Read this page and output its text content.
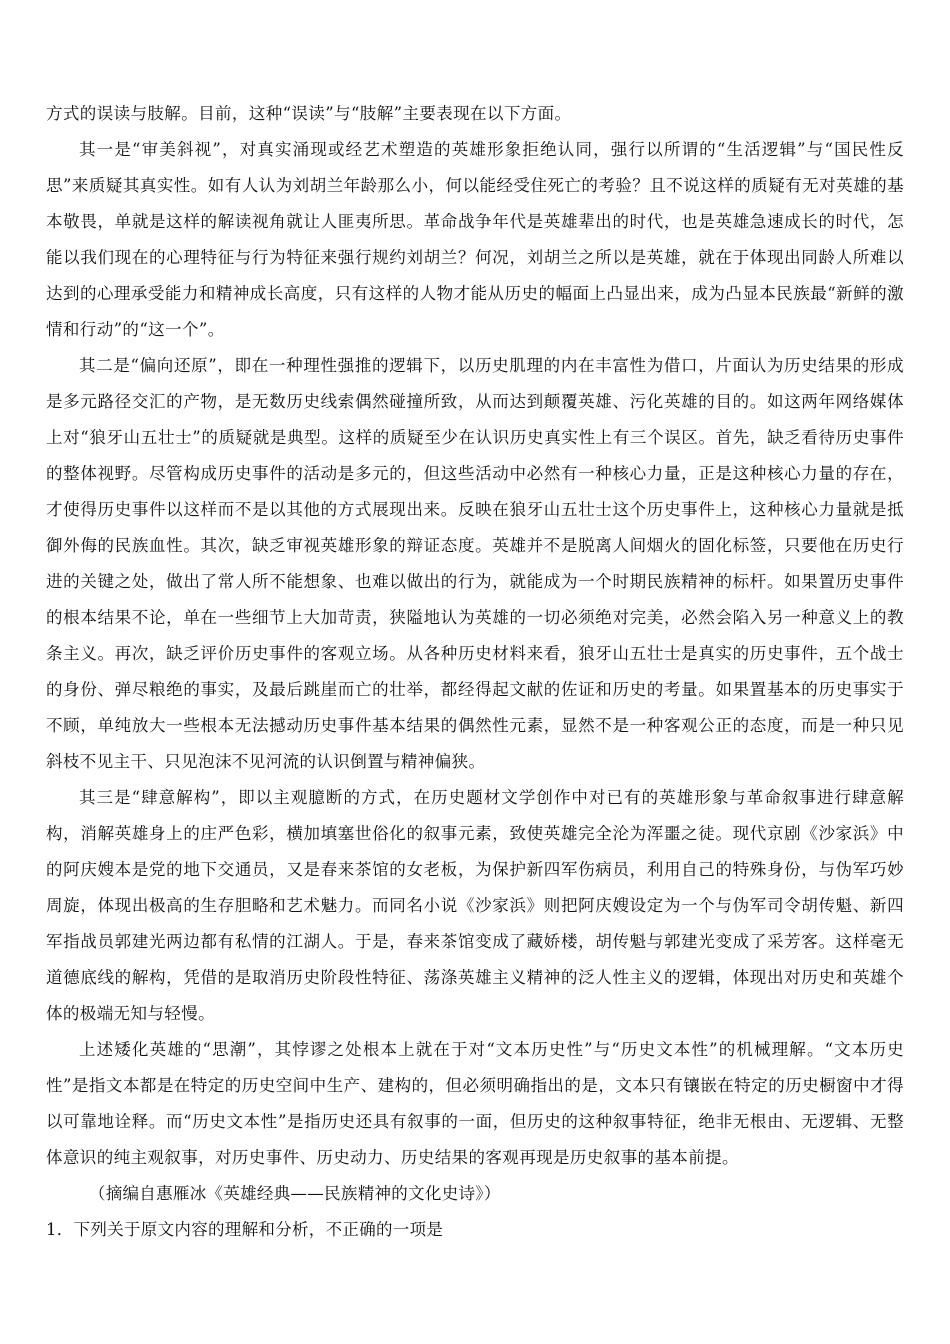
方式的误读与肢解。目前，这种“误读”与“肢解”主要表现在以下方面。

其一是“审美斜视”，对真实涌现或经艺术塑造的英雄形象拒绝认同，强行以所谓的“生活逻辑”与“国民性反思”来质疑其真实性。如有人认为刘胡兰年龄那么小，何以能经受住死亡的考验？且不说这样的质疑有无对英雄的基本敬畏，单就是这样的解读视角就让人匪夷所思。革命战争年代是英雄辈出的时代，也是英雄急速成长的时代，怎能以我们现在的心理特征与行为特征来强行规约刘胡兰？何况，刘胡兰之所以是英雄，就在于体现出同龄人所难以达到的心理承受能力和精神成长高度，只有这样的人物才能从历史的幅面上凸显出来，成为凸显本民族最“新鲜的激情和行动”的“这一个”。

其二是“偏向还原”，即在一种理性强推的逻辑下，以历史肌理的内在丰富性为借口，片面认为历史结果的形成是多元路径交汇的产物，是无数历史线索偶然碰撞所致，从而达到颠覆英雄、污化英雄的目的。如这两年网络媒体上对“狼牙山五壮士”的质疑就是典型。这样的质疑至少在认识历史真实性上有三个误区。首先，缺乏看待历史事件的整体视野。尽管构成历史事件的活动是多元的，但这些活动中必然有一种核心力量，正是这种核心力量的存在，才使得历史事件以这样而不是以其他的方式展现出来。反映在狼牙山五壮士这个历史事件上，这种核心力量就是抵御外侮的民族血性。其次，缺乏审视英雄形象的辩证态度。英雄并不是脱离人间烟火的固化标签，只要他在历史行进的关键之处，做出了常人所不能想象、也难以做出的行为，就能成为一个时期民族精神的标杆。如果置历史事件的根本结果不论，单在一些细节上大加苛责，狭隘地认为英雄的一切必须绝对完美，必然会陷入另一种意义上的教条主义。再次，缺乏评价历史事件的客观立场。从各种历史材料来看，狼牙山五壮士是真实的历史事件，五个战士的身份、弹尽粮绝的事实，及最后跳崖而亡的壮举，都经得起文献的佐证和历史的考量。如果置基本的历史事实于不顾，单纯放大一些根本无法撼动历史事件基本结果的偶然性元素，显然不是一种客观公正的态度，而是一种只见斜枝不见主干、只见泡沫不见河流的认识倒置与精神偏狭。

其三是“肆意解构”，即以主观臆断的方式，在历史题材文学创作中对已有的英雄形象与革命叙事进行肆意解构，消解英雄身上的庄严色彩，横加填塞世俗化的叙事元素，致使英雄完全沦为浑噩之徒。现代京剧《沙家浜》中的阿庆嫂本是党的地下交通员，又是春来茶馆的女老板，为保护新四军伤病员，利用自己的特殊身份，与伪军巧妙周旋，体现出极高的生存胆略和艺术魅力。而同名小说《沙家浜》则把阿庆嫂设定为一个与伪军司令胡传魁、新四军指战员郭建光两边都有私情的江湖人。于是，春来茶馆变成了藏娇楼，胡传魁与郭建光变成了采芳客。这样毫无道德底线的解构，凭借的是取消历史阶段性特征、荡涤英雄主义精神的泛人性主义的逻辑，体现出对历史和英雄个体的极端无知与轻慢。

上述矮化英雄的“思潮”，其悖谬之处根本上就在于对“文本历史性”与“历史文本性”的机械理解。“文本历史性”是指文本都是在特定的历史空间中生产、建构的，但必须明确指出的是，文本只有镶嵌在特定的历史橱窗中才得以可靠地诠释。而“历史文本性”是指历史还具有叙事的一面，但历史的这种叙事特征，绝非无根由、无逻辑、无整体意识的纯主观叙事，对历史事件、历史动力、历史结果的客观再现是历史叙事的基本前提。

（摘编自惠雁冰《英雄经典——民族精神的文化史诗》）

1．下列关于原文内容的理解和分析，不正确的一项是
